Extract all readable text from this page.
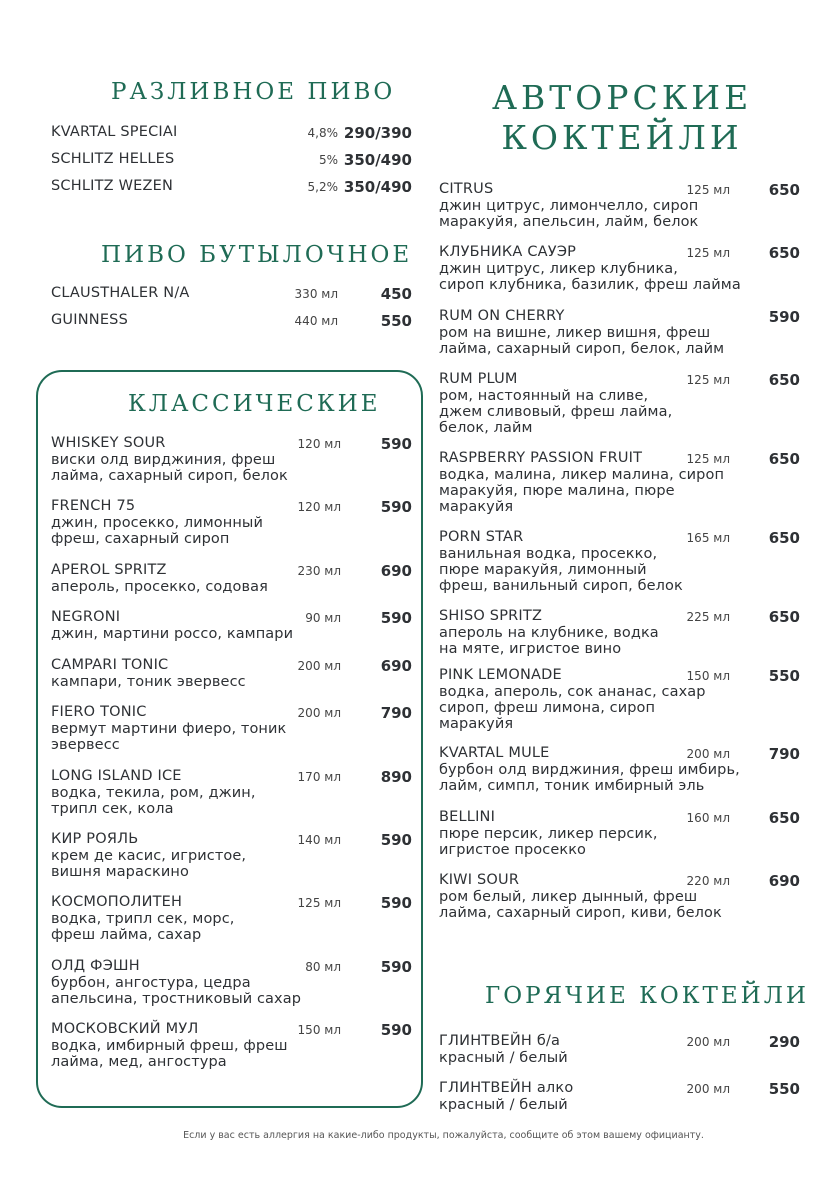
РАЗЛИВНОЕ ПИВО
ПИВО БУТЫЛОЧНОЕ
КЛАССИЧЕСКИЕ
АВТОРСКИЕ
КОКТЕЙЛИ
ГОРЯЧИЕ КОКТЕЙЛИ
KVARTAL SPECIAI	4,8% 290/390
SCHLITZ HELLES	5% 350/490
SCHLITZ WEZEN	5,2% 350/490
CLAUSTHALER N/A	330 мл	450
GUINNESS	440 мл	550
WHISKEY SOUR	120 мл	590
виски олд вирджиния, фреш
лайма, сахарный сироп, белок
FRENCH 75	120 мл	590
джин, просекко, лимонный
фреш, сахарный сироп
APEROL SPRITZ	230 мл	690
апероль, просекко, содовая
NEGRONI	90 мл	590
джин, мартини россо, кампари
CAMPARI TONIC	200 мл	690
кампари, тоник эвервесс
FIERO TONIC	200 мл	790
вермут мартини фиеро, тоник
эвервесс
LONG ISLAND ICE	170 мл	890
водка, текила, ром, джин,
трипл сек, кола
КИР РОЯЛЬ	140 мл	590
крем де касис, игристое,
вишня мараскино
КОСМОПОЛИТЕН	125 мл	590
водка, трипл сек, морс,
фреш лайма, сахар
ОЛД ФЭШН	80 мл	590
бурбон, ангостура, цедра
апельсина, тростниковый сахар
МОСКОВСКИЙ МУЛ	150 мл	590
водка, имбирный фреш, фреш
лайма, мед, ангостура
CITRUS	125 мл	650
джин цитрус, лимончелло, сироп
маракуйя, апельсин, лайм, белок
КЛУБНИКА САУЭР	125 мл	650
джин цитрус, ликер клубника,
сироп клубника, базилик, фреш лайма
RUM ON CHERRY	590
ром на вишне, ликер вишня, фреш
лайма, сахарный сироп, белок, лайм
RUM PLUM	125 мл	650
ром, настоянный на сливе,
джем сливовый, фреш лайма,
белок, лайм
RASPBERRY PASSION FRUIT	125 мл	650
водка, малина, ликер малина, сироп
маракуйя, пюре малина, пюре
маракуйя
PORN STAR	165 мл	650
ванильная водка, просекко,
пюре маракуйя, лимонный
фреш, ванильный сироп, белок
SHISO SPRITZ	225 мл	650
апероль на клубнике, водка
на мяте, игристое вино
PINK LEMONADE	150 мл	550
водка, апероль, сок ананас, сахар
сироп, фреш лимона, сироп
маракуйя
KVARTAL MULE	200 мл	790
бурбон олд вирджиния, фреш имбирь,
лайм, симпл, тоник имбирный эль
BELLINI	160 мл	650
пюре персик, ликер персик,
игристое просекко
KIWI SOUR	220 мл	690
ром белый, ликер дынный, фреш
лайма, сахарный сироп, киви, белок
ГЛИНТВЕЙН б/а	200 мл	290
красный / белый
ГЛИНТВЕЙН алко	200 мл	550
красный / белый
Если у вас есть аллергия на какие-либо продукты, пожалуйста, сообщите об этом вашему официанту.
